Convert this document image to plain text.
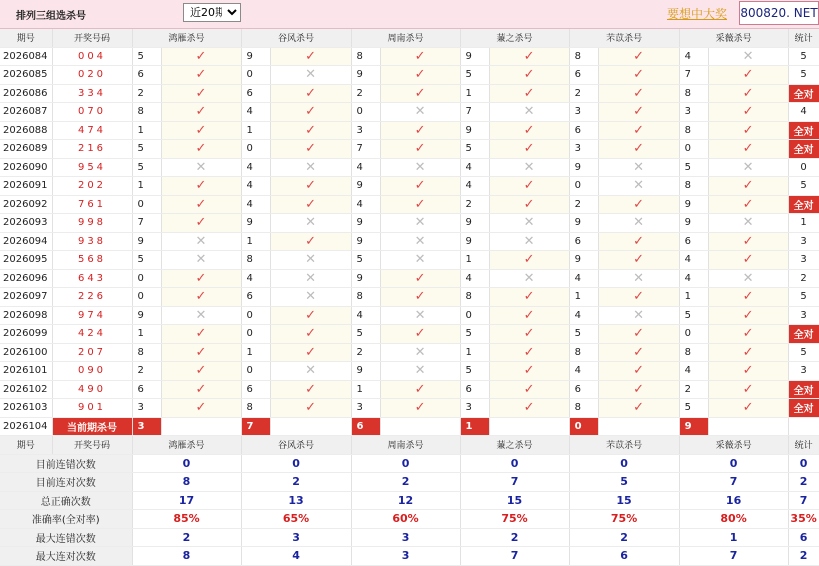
排列三组选杀号
近20期	要想中大奖 800820. NET
期号	开奖号码	鸿雁杀号		谷风杀号		周南杀号		蒹之杀号		芣苡杀号		采薇杀号		统计
2026084	004	5	✓	9	✓	8	✓	9	✓	8	✓	4	✕	5
2026085	020	6	✓	0	✕	9	✓	5	✓	6	✓	7	✓	5
2026086	334	2	✓	6	✓	2	✓	1	✓	2	✓	8	✓	全对
2026087	070	8	✓	4	✓	0	✕	7	✕	3	✓	3	✓	4
2026088	474	1	✓	1	✓	3	✓	9	✓	6	✓	8	✓	全对
2026089	216	5	✓	0	✓	7	✓	5	✓	3	✓	0	✓	全对
2026090	954	5	✕	4	✕	4	✕	4	✕	9	✕	5	✕	0
2026091	202	1	✓	4	✓	9	✓	4	✓	0	✕	8	✓	5
2026092	761	0	✓	4	✓	4	✓	2	✓	2	✓	9	✓	全对
2026093	998	7	✓	9	✕	9	✕	9	✕	9	✕	9	✕	1
2026094	938	9	✕	1	✓	9	✕	9	✕	6	✓	6	✓	3
2026095	568	5	✕	8	✕	5	✕	1	✓	9	✓	4	✓	3
2026096	643	0	✓	4	✕	9	✓	4	✕	4	✕	4	✕	2
2026097	226	0	✓	6	✕	8	✓	8	✓	1	✓	1	✓	5
2026098	974	9	✕	0	✓	4	✕	0	✓	4	✕	5	✓	3
2026099	424	1	✓	0	✓	5	✓	5	✓	5	✓	0	✓	全对
2026100	207	8	✓	1	✓	2	✕	1	✓	8	✓	8	✓	5
2026101	090	2	✓	0	✕	9	✕	5	✓	4	✓	4	✓	3
2026102	490	6	✓	6	✓	1	✓	6	✓	6	✓	2	✓	全对
2026103	901	3	✓	8	✓	3	✓	3	✓	8	✓	5	✓	全对
2026104	当前期杀号	3		7		6		1		0		9		
期号	开奖号码	鸿雁杀号		谷风杀号		周南杀号		蒹之杀号		芣苡杀号		采薇杀号		统计
目前连错次数		0		0		0		0		0		0		0
目前连对次数		8		2		2		7		5		7		2
总正确次数		17		13		12		15		15		16		7
准确率(全对率)		85%		65%		60%		75%		75%		80%		35%
最大连错次数		2		3		3		2		2		1		6
最大连对次数		8		4		3		7		6		7		2
